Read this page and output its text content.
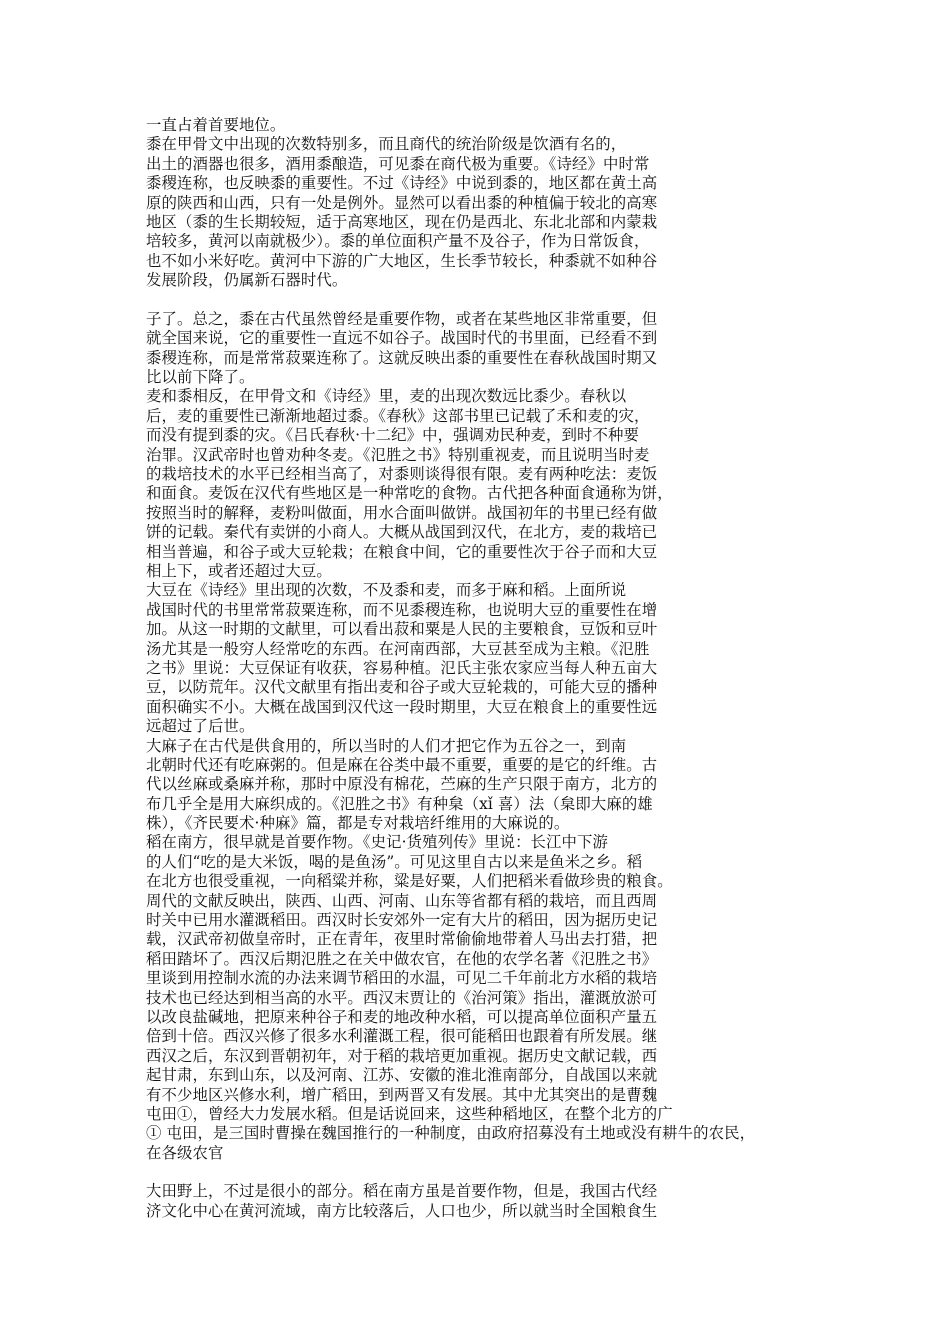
一直占着首要地位。
黍在甲骨文中出现的次数特别多，而且商代的统治阶级是饮酒有名的，
出土的酒器也很多，酒用黍酿造，可见黍在商代极为重要。《诗经》中时常
黍稷连称，也反映黍的重要性。不过《诗经》中说到黍的，地区都在黄土高
原的陕西和山西，只有一处是例外。显然可以看出黍的种植偏于较北的高寒
地区（黍的生长期较短，适于高寒地区，现在仍是西北、东北北部和内蒙栽
培较多，黄河以南就极少）。黍的单位面积产量不及谷子，作为日常饭食，
也不如小米好吃。黄河中下游的广大地区，生长季节较长，种黍就不如种谷
发展阶段，仍属新石器时代。
子了。总之，黍在古代虽然曾经是重要作物，或者在某些地区非常重要，但
就全国来说，它的重要性一直远不如谷子。战国时代的书里面，已经看不到
黍稷连称，而是常常菽粟连称了。这就反映出黍的重要性在春秋战国时期又
比以前下降了。
麦和黍相反，在甲骨文和《诗经》里，麦的出现次数远比黍少。春秋以
后，麦的重要性已渐渐地超过黍。《春秋》这部书里已记载了禾和麦的灾，
而没有提到黍的灾。《吕氏春秋·十二纪》中，强调劝民种麦，到时不种要
治罪。汉武帝时也曾劝种冬麦。《氾胜之书》特别重视麦，而且说明当时麦
的栽培技术的水平已经相当高了，对黍则谈得很有限。麦有两种吃法：麦饭
和面食。麦饭在汉代有些地区是一种常吃的食物。古代把各种面食通称为饼，
按照当时的解释，麦粉叫做面，用水合面叫做饼。战国初年的书里已经有做
饼的记载。秦代有卖饼的小商人。大概从战国到汉代，在北方，麦的栽培已
相当普遍，和谷子或大豆轮栽；在粮食中间，它的重要性次于谷子而和大豆
相上下，或者还超过大豆。
大豆在《诗经》里出现的次数，不及黍和麦，而多于麻和稻。上面所说
战国时代的书里常常菽粟连称，而不见黍稷连称，也说明大豆的重要性在增
加。从这一时期的文献里，可以看出菽和粟是人民的主要粮食，豆饭和豆叶
汤尤其是一般穷人经常吃的东西。在河南西部，大豆甚至成为主粮。《氾胜
之书》里说：大豆保证有收获，容易种植。氾氏主张农家应当每人种五亩大
豆，以防荒年。汉代文献里有指出麦和谷子或大豆轮栽的，可能大豆的播种
面积确实不小。大概在战国到汉代这一段时期里，大豆在粮食上的重要性远
远超过了后世。
大麻子在古代是供食用的，所以当时的人们才把它作为五谷之一，到南
北朝时代还有吃麻粥的。但是麻在谷类中最不重要，重要的是它的纤维。古
代以丝麻或桑麻并称，那时中原没有棉花，苎麻的生产只限于南方，北方的
布几乎全是用大麻织成的。《氾胜之书》有种枲（xǐ 喜）法（枲即大麻的雄
株），《齐民要术·种麻》篇，都是专对栽培纤维用的大麻说的。
稻在南方，很早就是首要作物。《史记·货殖列传》里说：长江中下游
的人们“吃的是大米饭，喝的是鱼汤”。可见这里自古以来是鱼米之乡。稻
在北方也很受重视，一向稻粱并称，粱是好粟，人们把稻米看做珍贵的粮食。
周代的文献反映出，陕西、山西、河南、山东等省都有稻的栽培，而且西周
时关中已用水灌溉稻田。西汉时长安郊外一定有大片的稻田，因为据历史记
载，汉武帝初做皇帝时，正在青年，夜里时常偷偷地带着人马出去打猎，把
稻田踏坏了。西汉后期氾胜之在关中做农官，在他的农学名著《氾胜之书》
里谈到用控制水流的办法来调节稻田的水温，可见二千年前北方水稻的栽培
技术也已经达到相当高的水平。西汉末贾让的《治河策》指出，灌溉放淤可
以改良盐碱地，把原来种谷子和麦的地改种水稻，可以提高单位面积产量五
倍到十倍。西汉兴修了很多水利灌溉工程，很可能稻田也跟着有所发展。继
西汉之后，东汉到晋朝初年，对于稻的栽培更加重视。据历史文献记载，西
起甘肃，东到山东，以及河南、江苏、安徽的淮北淮南部分，自战国以来就
有不少地区兴修水利，增广稻田，到两晋又有发展。其中尤其突出的是曹魏
屯田①，曾经大力发展水稻。但是话说回来，这些种稻地区，在整个北方的广
① 屯田，是三国时曹操在魏国推行的一种制度，由政府招募没有土地或没有耕牛的农民，
在各级农官
大田野上，不过是很小的部分。稻在南方虽是首要作物，但是，我国古代经
济文化中心在黄河流域，南方比较落后，人口也少，所以就当时全国粮食生
